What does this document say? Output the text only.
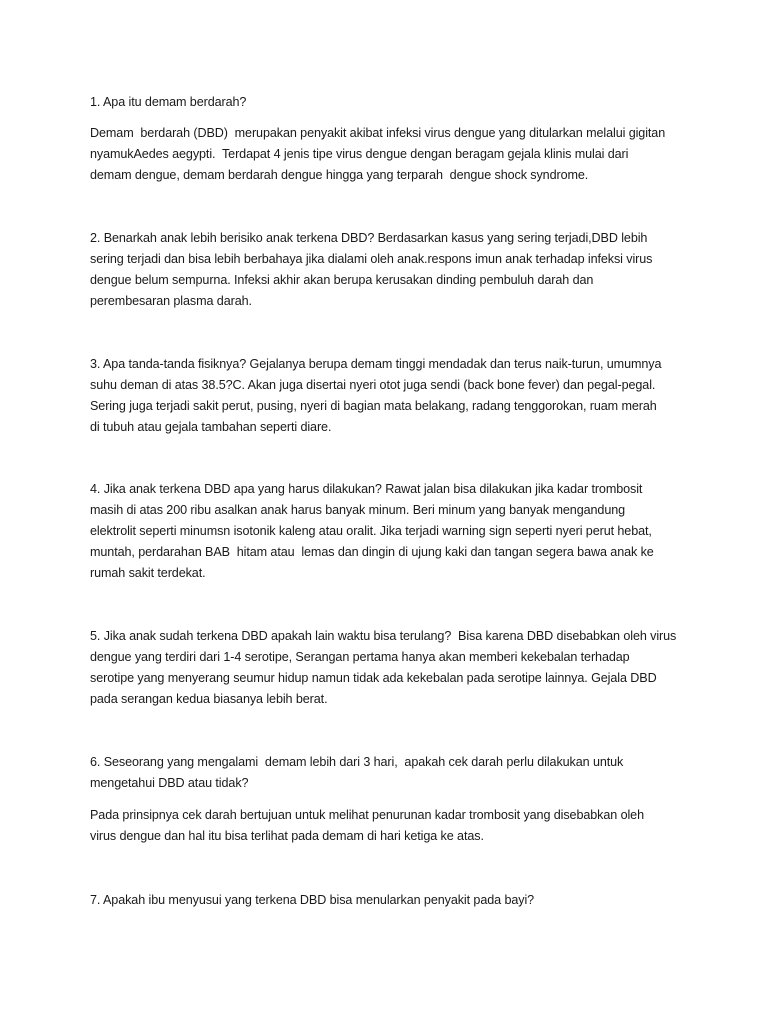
1. Apa itu demam berdarah?

Demam  berdarah (DBD)  merupakan penyakit akibat infeksi virus dengue yang ditularkan melalui gigitan
nyamukAedes aegypti.  Terdapat 4 jenis tipe virus dengue dengan beragam gejala klinis mulai dari
demam dengue, demam berdarah dengue hingga yang terparah  dengue shock syndrome.

2. Benarkah anak lebih berisiko anak terkena DBD? Berdasarkan kasus yang sering terjadi,DBD lebih
sering terjadi dan bisa lebih berbahaya jika dialami oleh anak.respons imun anak terhadap infeksi virus
dengue belum sempurna. Infeksi akhir akan berupa kerusakan dinding pembuluh darah dan
perembesaran plasma darah.

3. Apa tanda-tanda fisiknya? Gejalanya berupa demam tinggi mendadak dan terus naik-turun, umumnya
suhu deman di atas 38.5?C. Akan juga disertai nyeri otot juga sendi (back bone fever) dan pegal-pegal.
Sering juga terjadi sakit perut, pusing, nyeri di bagian mata belakang, radang tenggorokan, ruam merah
di tubuh atau gejala tambahan seperti diare.

4. Jika anak terkena DBD apa yang harus dilakukan? Rawat jalan bisa dilakukan jika kadar trombosit
masih di atas 200 ribu asalkan anak harus banyak minum. Beri minum yang banyak mengandung
elektrolit seperti minumsn isotonik kaleng atau oralit. Jika terjadi warning sign seperti nyeri perut hebat,
muntah, perdarahan BAB  hitam atau  lemas dan dingin di ujung kaki dan tangan segera bawa anak ke
rumah sakit terdekat.

5. Jika anak sudah terkena DBD apakah lain waktu bisa terulang?  Bisa karena DBD disebabkan oleh virus
dengue yang terdiri dari 1-4 serotipe, Serangan pertama hanya akan memberi kekebalan terhadap
serotipe yang menyerang seumur hidup namun tidak ada kekebalan pada serotipe lainnya. Gejala DBD
pada serangan kedua biasanya lebih berat.

6. Seseorang yang mengalami  demam lebih dari 3 hari,  apakah cek darah perlu dilakukan untuk
mengetahui DBD atau tidak?

Pada prinsipnya cek darah bertujuan untuk melihat penurunan kadar trombosit yang disebabkan oleh
virus dengue dan hal itu bisa terlihat pada demam di hari ketiga ke atas.

7. Apakah ibu menyusui yang terkena DBD bisa menularkan penyakit pada bayi?
